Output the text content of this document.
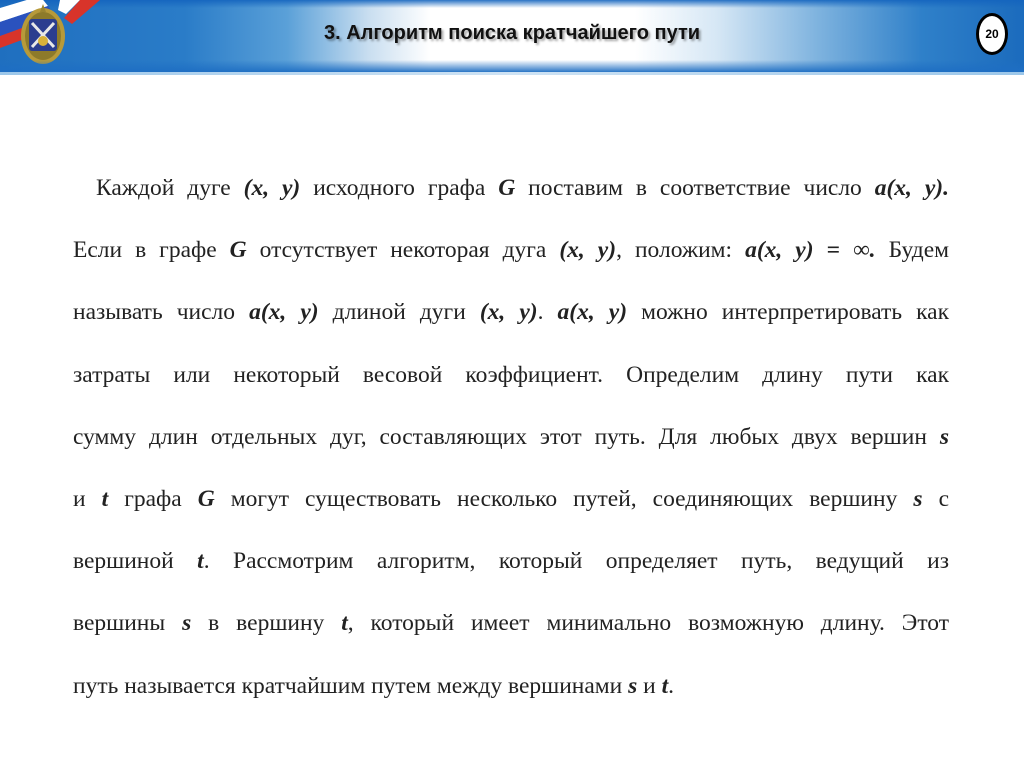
3. Алгоритм поиска кратчайшего пути	20
Каждой дуге (x, y) исходного графа G поставим в соответствие число a(x, y).
Если в графе G отсутствует некоторая дуга (x, y), положим: a(x, y) = ∞. Будем
называть число a(x, y) длиной дуги (x, y). a(x, y) можно интерпретировать как
затраты или некоторый весовой коэффициент. Определим длину пути как
сумму длин отдельных дуг, составляющих этот путь. Для любых двух вершин s
и t графа G могут существовать несколько путей, соединяющих вершину s с
вершиной t. Рассмотрим алгоритм, который определяет путь, ведущий из
вершины s в вершину t, который имеет минимально возможную длину. Этот
путь называется кратчайшим путем между вершинами s и t.
